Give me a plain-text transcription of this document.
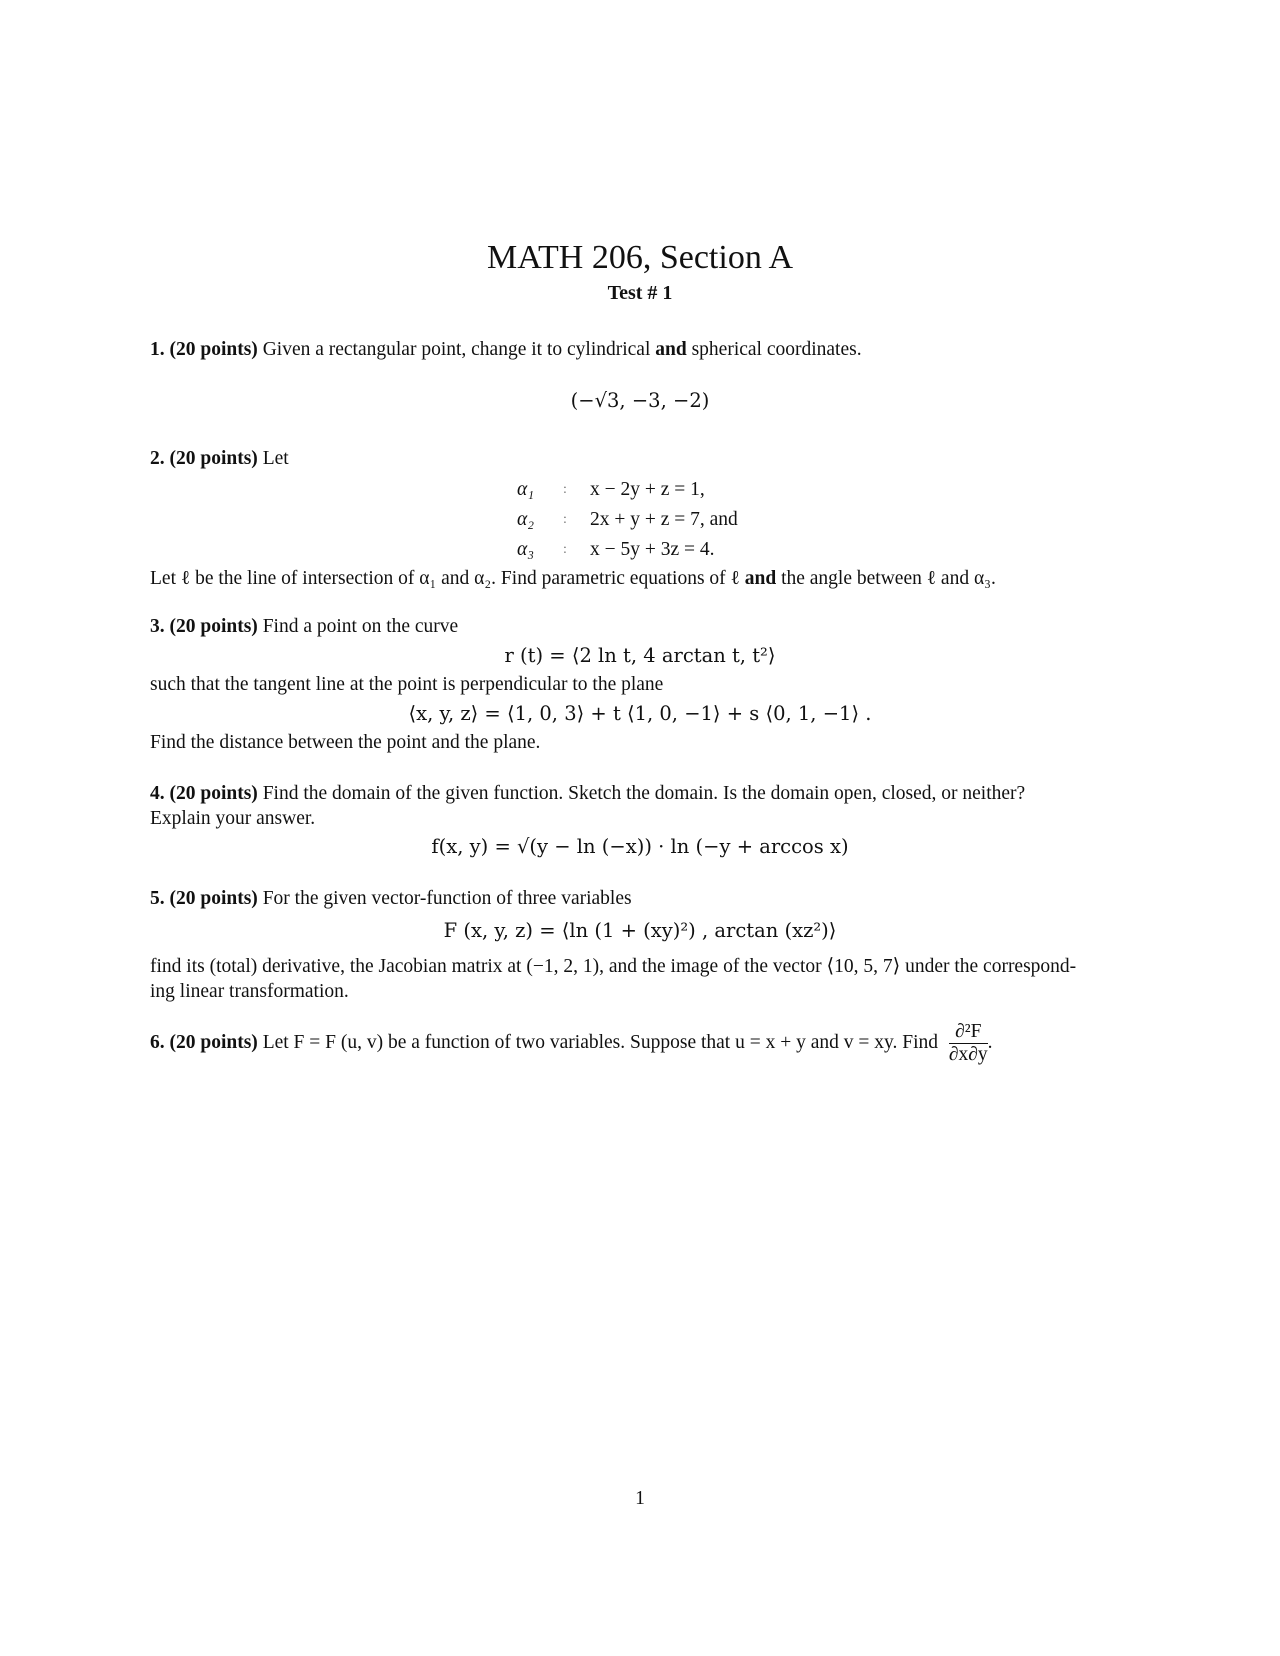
MATH 206, Section A
Test # 1
1. (20 points) Given a rectangular point, change it to cylindrical and spherical coordinates.
(−√3, −3, −2)
2. (20 points) Let
α₁ : x − 2y + z = 1,
α₂ : 2x + y + z = 7, and
α₃ : x − 5y + 3z = 4.
Let ℓ be the line of intersection of α₁ and α₂. Find parametric equations of ℓ and the angle between ℓ and α₃.
3. (20 points) Find a point on the curve
r (t) = ⟨2 ln t, 4 arctan t, t²⟩
such that the tangent line at the point is perpendicular to the plane
⟨x, y, z⟩ = ⟨1, 0, 3⟩ + t ⟨1, 0, −1⟩ + s ⟨0, 1, −1⟩ .
Find the distance between the point and the plane.
4. (20 points) Find the domain of the given function. Sketch the domain. Is the domain open, closed, or neither?
Explain your answer.
f(x, y) = √(y − ln (−x)) · ln (−y + arccos x)
5. (20 points) For the given vector-function of three variables
F (x, y, z) = ⟨ln (1 + (xy)²) , arctan (xz²)⟩
find its (total) derivative, the Jacobian matrix at (−1, 2, 1), and the image of the vector ⟨10, 5, 7⟩ under the correspond-
ing linear transformation.
6. (20 points) Let F = F (u, v) be a function of two variables. Suppose that u = x + y and v = xy. Find $\frac{\text{∂²F}}{\partial x\partial y}$ .
1
